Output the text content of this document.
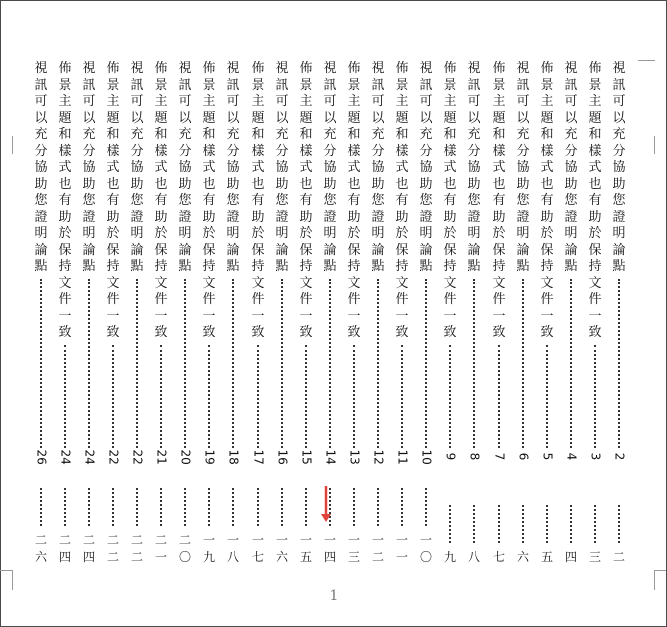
視
訊
可
以
充
分
協
助
您
證
明
論
點
2
二
佈
景
主
題
和
樣
式
也
有
助
於
保
持
文
件
一
致
3
三
視
訊
可
以
充
分
協
助
您
證
明
論
點
4
四
佈
景
主
題
和
樣
式
也
有
助
於
保
持
文
件
一
致
5
五
視
訊
可
以
充
分
協
助
您
證
明
論
點
6
六
佈
景
主
題
和
樣
式
也
有
助
於
保
持
文
件
一
致
7
七
視
訊
可
以
充
分
協
助
您
證
明
論
點
8
八
佈
景
主
題
和
樣
式
也
有
助
於
保
持
文
件
一
致
9
九
視
訊
可
以
充
分
協
助
您
證
明
論
點
10
一
〇
佈
景
主
題
和
樣
式
也
有
助
於
保
持
文
件
一
致
11
一
一
視
訊
可
以
充
分
協
助
您
證
明
論
點
12
一
二
佈
景
主
題
和
樣
式
也
有
助
於
保
持
文
件
一
致
13
一
三
視
訊
可
以
充
分
協
助
您
證
明
論
點
14
一
四
佈
景
主
題
和
樣
式
也
有
助
於
保
持
文
件
一
致
15
一
五
視
訊
可
以
充
分
協
助
您
證
明
論
點
16
一
六
佈
景
主
題
和
樣
式
也
有
助
於
保
持
文
件
一
致
17
一
七
視
訊
可
以
充
分
協
助
您
證
明
論
點
18
一
八
佈
景
主
題
和
樣
式
也
有
助
於
保
持
文
件
一
致
19
一
九
視
訊
可
以
充
分
協
助
您
證
明
論
點
20
二
〇
佈
景
主
題
和
樣
式
也
有
助
於
保
持
文
件
一
致
21
二
一
視
訊
可
以
充
分
協
助
您
證
明
論
點
22
二
二
佈
景
主
題
和
樣
式
也
有
助
於
保
持
文
件
一
致
22
二
二
視
訊
可
以
充
分
協
助
您
證
明
論
點
24
二
四
佈
景
主
題
和
樣
式
也
有
助
於
保
持
文
件
一
致
24
二
四
視
訊
可
以
充
分
協
助
您
證
明
論
點
26
二
六
1
